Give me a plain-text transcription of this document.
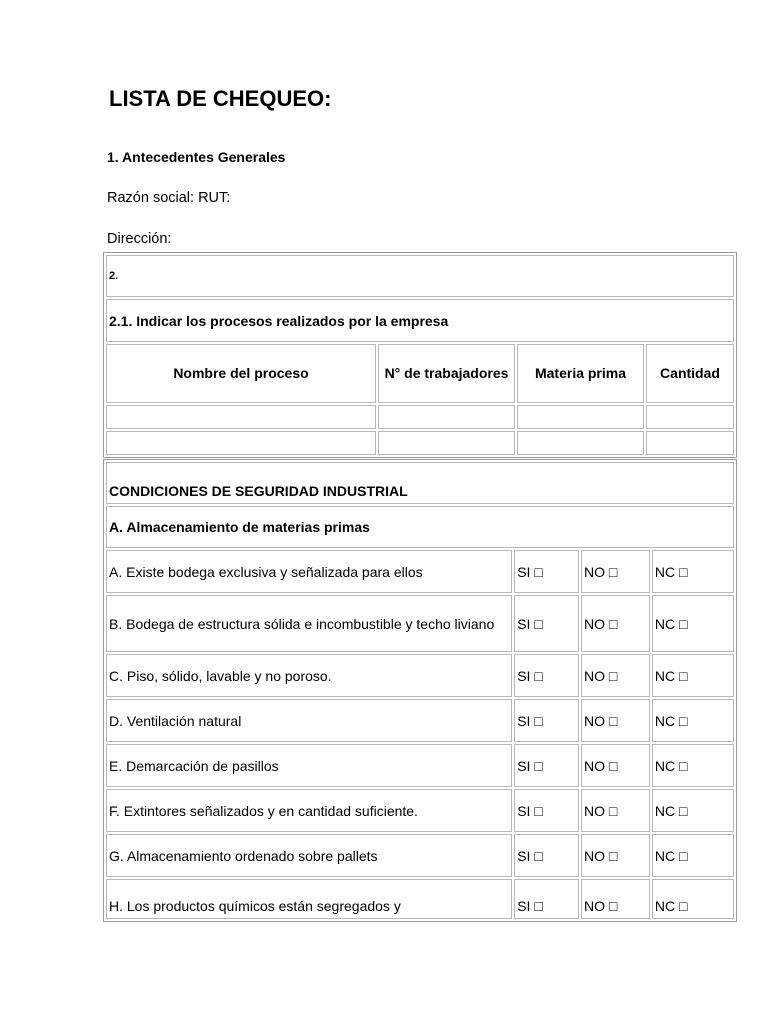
LISTA DE CHEQUEO:
1. Antecedentes Generales
Razón social: RUT:
Dirección:
2.			
2.1. Indicar los procesos realizados por la empresa			
Nombre del proceso	N° de trabajadores	Materia prima	Cantidad

CONDICIONES DE SEGURIDAD INDUSTRIAL			
A. Almacenamiento de materias primas			
A. Existe bodega exclusiva y señalizada para ellos	SI □	NO □	NC □
B. Bodega de estructura sólida e incombustible y techo liviano	SI □	NO □	NC □
C. Piso, sólido, lavable y no poroso.	SI □	NO □	NC □
D. Ventilación natural	SI □	NO □	NC □
E. Demarcación de pasillos	SI □	NO □	NC □
F. Extintores señalizados y en cantidad suficiente.	SI □	NO □	NC □
G. Almacenamiento ordenado sobre pallets	SI □	NO □	NC □
H. Los productos químicos están segregados y	SI □	NO □	NC □
